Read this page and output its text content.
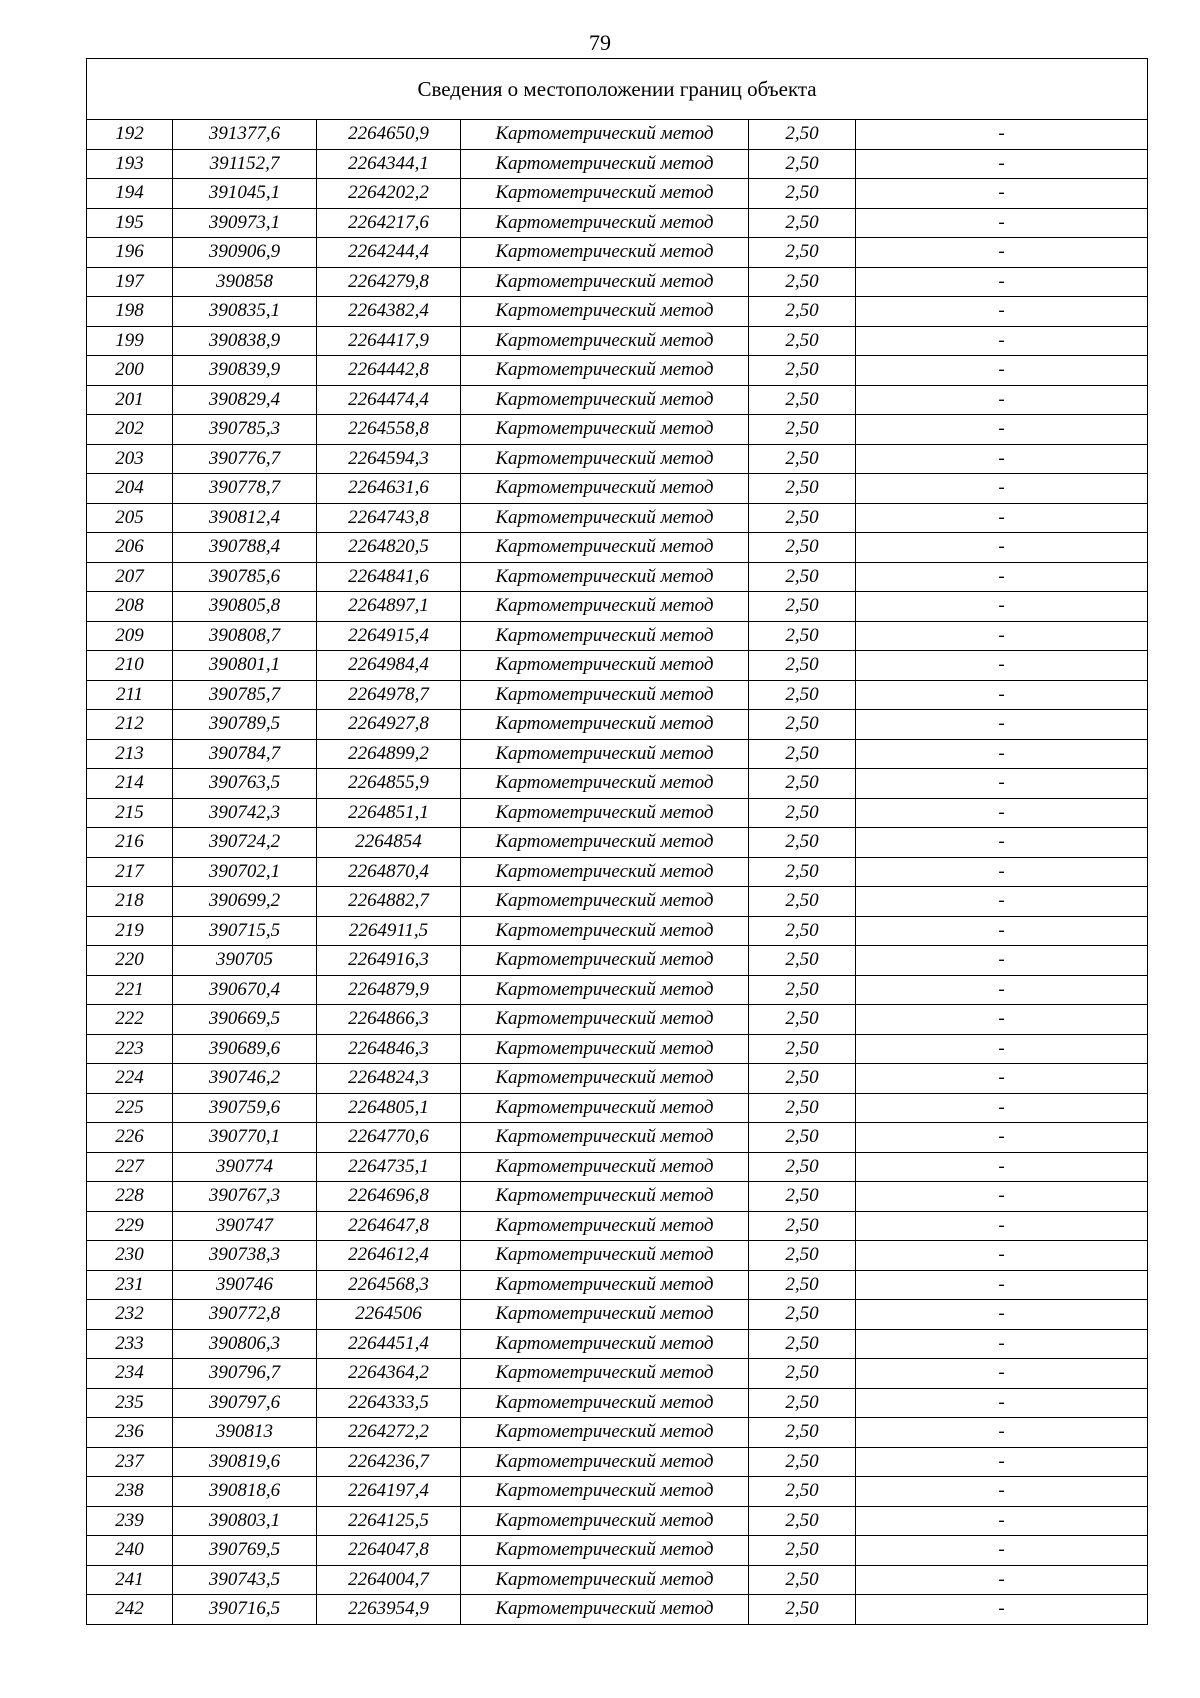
79
Сведения о местоположении границ объекта					
192	391377,6	2264650,9	Картометрический метод	2,50	-
193	391152,7	2264344,1	Картометрический метод	2,50	-
194	391045,1	2264202,2	Картометрический метод	2,50	-
195	390973,1	2264217,6	Картометрический метод	2,50	-
196	390906,9	2264244,4	Картометрический метод	2,50	-
197	390858	2264279,8	Картометрический метод	2,50	-
198	390835,1	2264382,4	Картометрический метод	2,50	-
199	390838,9	2264417,9	Картометрический метод	2,50	-
200	390839,9	2264442,8	Картометрический метод	2,50	-
201	390829,4	2264474,4	Картометрический метод	2,50	-
202	390785,3	2264558,8	Картометрический метод	2,50	-
203	390776,7	2264594,3	Картометрический метод	2,50	-
204	390778,7	2264631,6	Картометрический метод	2,50	-
205	390812,4	2264743,8	Картометрический метод	2,50	-
206	390788,4	2264820,5	Картометрический метод	2,50	-
207	390785,6	2264841,6	Картометрический метод	2,50	-
208	390805,8	2264897,1	Картометрический метод	2,50	-
209	390808,7	2264915,4	Картометрический метод	2,50	-
210	390801,1	2264984,4	Картометрический метод	2,50	-
211	390785,7	2264978,7	Картометрический метод	2,50	-
212	390789,5	2264927,8	Картометрический метод	2,50	-
213	390784,7	2264899,2	Картометрический метод	2,50	-
214	390763,5	2264855,9	Картометрический метод	2,50	-
215	390742,3	2264851,1	Картометрический метод	2,50	-
216	390724,2	2264854	Картометрический метод	2,50	-
217	390702,1	2264870,4	Картометрический метод	2,50	-
218	390699,2	2264882,7	Картометрический метод	2,50	-
219	390715,5	2264911,5	Картометрический метод	2,50	-
220	390705	2264916,3	Картометрический метод	2,50	-
221	390670,4	2264879,9	Картометрический метод	2,50	-
222	390669,5	2264866,3	Картометрический метод	2,50	-
223	390689,6	2264846,3	Картометрический метод	2,50	-
224	390746,2	2264824,3	Картометрический метод	2,50	-
225	390759,6	2264805,1	Картометрический метод	2,50	-
226	390770,1	2264770,6	Картометрический метод	2,50	-
227	390774	2264735,1	Картометрический метод	2,50	-
228	390767,3	2264696,8	Картометрический метод	2,50	-
229	390747	2264647,8	Картометрический метод	2,50	-
230	390738,3	2264612,4	Картометрический метод	2,50	-
231	390746	2264568,3	Картометрический метод	2,50	-
232	390772,8	2264506	Картометрический метод	2,50	-
233	390806,3	2264451,4	Картометрический метод	2,50	-
234	390796,7	2264364,2	Картометрический метод	2,50	-
235	390797,6	2264333,5	Картометрический метод	2,50	-
236	390813	2264272,2	Картометрический метод	2,50	-
237	390819,6	2264236,7	Картометрический метод	2,50	-
238	390818,6	2264197,4	Картометрический метод	2,50	-
239	390803,1	2264125,5	Картометрический метод	2,50	-
240	390769,5	2264047,8	Картометрический метод	2,50	-
241	390743,5	2264004,7	Картометрический метод	2,50	-
242	390716,5	2263954,9	Картометрический метод	2,50	-
